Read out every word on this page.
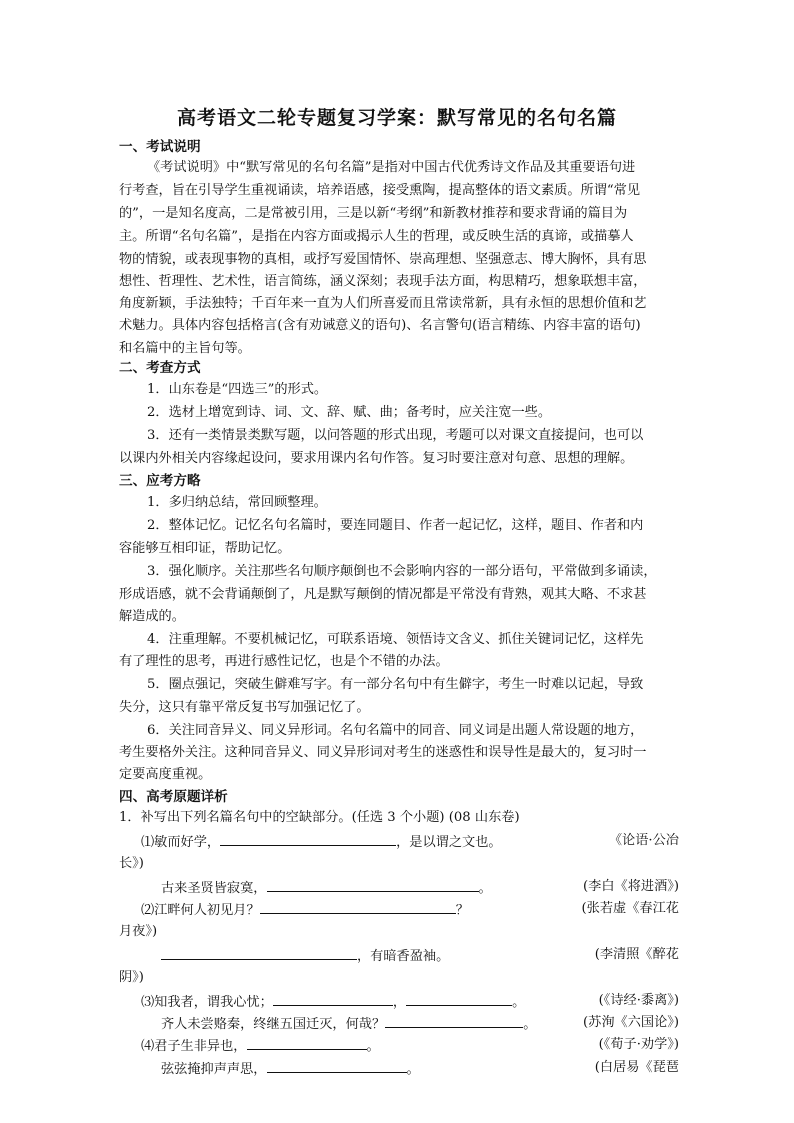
高考语文二轮专题复习学案：默写常见的名句名篇
一、考试说明
《考试说明》中“默写常见的名句名篇”是指对中国古代优秀诗文作品及其重要语句进
行考查，旨在引导学生重视诵读，培养语感，接受熏陶，提高整体的语文素质。所谓“常见
的”，一是知名度高，二是常被引用，三是以新“考纲”和新教材推荐和要求背诵的篇目为
主。所谓“名句名篇”，是指在内容方面或揭示人生的哲理，或反映生活的真谛，或描摹人
物的情貌，或表现事物的真相，或抒写爱国情怀、崇高理想、坚强意志、博大胸怀，具有思
想性、哲理性、艺术性，语言简练，涵义深刻；表现手法方面，构思精巧，想象联想丰富，
角度新颖，手法独特；千百年来一直为人们所喜爱而且常读常新，具有永恒的思想价值和艺
术魅力。具体内容包括格言(含有劝诫意义的语句)、名言警句(语言精练、内容丰富的语句)
和名篇中的主旨句等。
二、考查方式
1．山东卷是“四选三”的形式。
2．选材上增宽到诗、词、文、辞、赋、曲；备考时，应关注宽一些。
3．还有一类情景类默写题，以问答题的形式出现，考题可以对课文直接提问，也可以
以课内外相关内容缘起设问，要求用课内名句作答。复习时要注意对句意、思想的理解。
三、应考方略
1．多归纳总结，常回顾整理。
2．整体记忆。记忆名句名篇时，要连同题目、作者一起记忆，这样，题目、作者和内
容能够互相印证，帮助记忆。
3．强化顺序。关注那些名句顺序颠倒也不会影响内容的一部分语句，平常做到多诵读，
形成语感，就不会背诵颠倒了，凡是默写颠倒的情况都是平常没有背熟，观其大略、不求甚
解造成的。
4．注重理解。不要机械记忆，可联系语境、领悟诗文含义、抓住关键词记忆，这样先
有了理性的思考，再进行感性记忆，也是个不错的办法。
5．圈点强记，突破生僻难写字。有一部分名句中有生僻字，考生一时难以记起，导致
失分，这只有靠平常反复书写加强记忆了。
6．关注同音异义、同义异形词。名句名篇中的同音、同义词是出题人常设题的地方，
考生要格外关注。这种同音异义、同义异形词对考生的迷惑性和误导性是最大的，复习时一
定要高度重视。
四、高考原题详析
1．补写出下列名篇名句中的空缺部分。(任选 3 个小题) (08 山东卷)
⑴敏而好学，	，是以谓之文也。	《论语·公冶
长》)
古来圣贤皆寂寞，	。	(李白《将进酒》)
⑵江畔何人初见月？	？	(张若虚《春江花
月夜》)
，有暗香盈袖。	(李清照《醉花
阴》)
⑶知我者，谓我心忧；	，	。	(《诗经·黍离》)
齐人未尝赂秦，终继五国迁灭，何哉？	。	(苏洵《六国论》)
⑷君子生非异也，	。	(《荀子·劝学》)
弦弦掩抑声声思，	。	(白居易《琵琶
